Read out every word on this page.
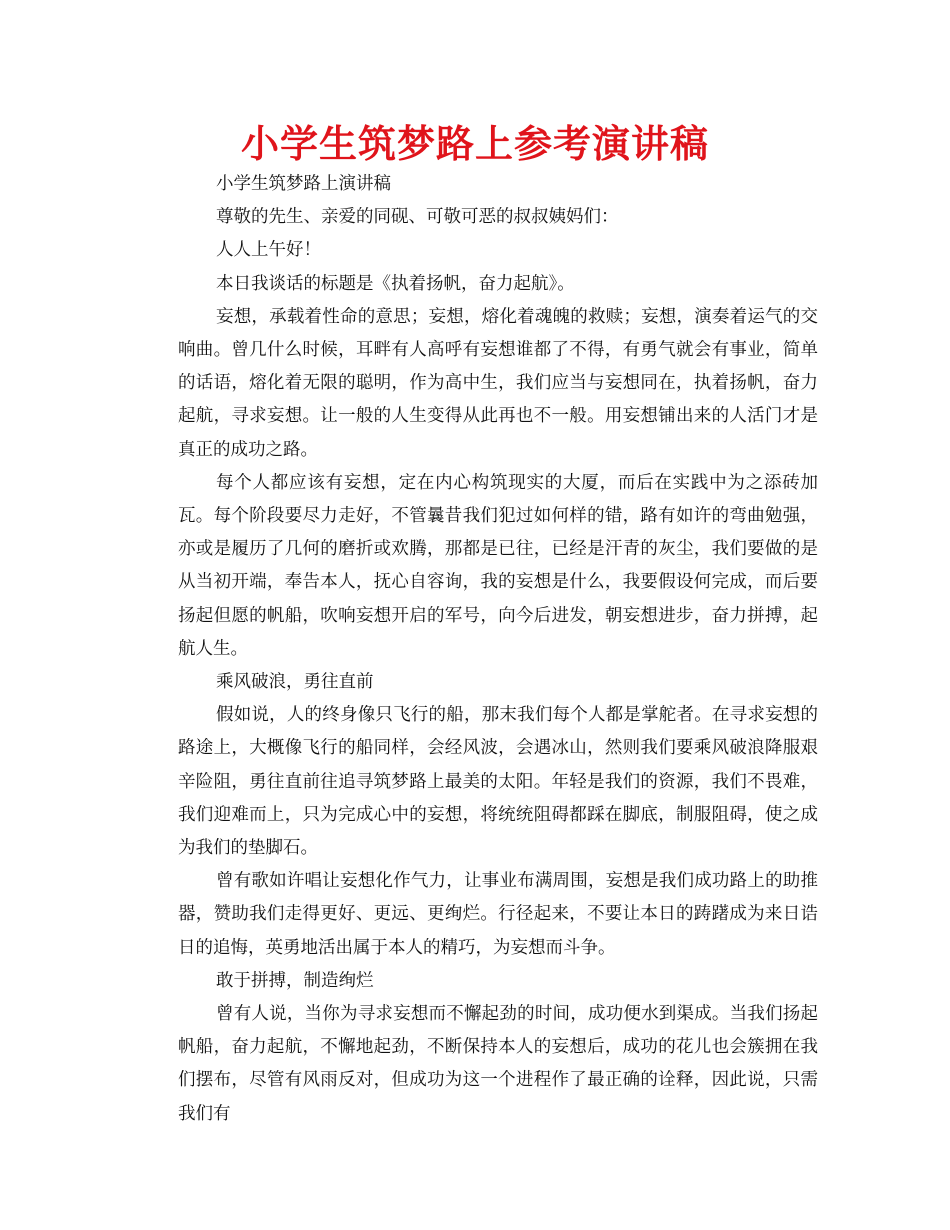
小学生筑梦路上参考演讲稿

小学生筑梦路上演讲稿

尊敬的先生、亲爱的同砚、可敬可恶的叔叔姨妈们：

人人上午好！

本日我谈话的标题是《执着扬帆，奋力起航》。

妄想，承载着性命的意思；妄想，熔化着魂魄的救赎；妄想，演奏着运气的交响曲。曾几什么时候，耳畔有人高呼有妄想谁都了不得，有勇气就会有事业，简单的话语，熔化着无限的聪明，作为高中生，我们应当与妄想同在，执着扬帆，奋力起航，寻求妄想。让一般的人生变得从此再也不一般。用妄想铺出来的人活门才是真正的成功之路。

每个人都应该有妄想，定在内心构筑现实的大厦，而后在实践中为之添砖加瓦。每个阶段要尽力走好，不管曩昔我们犯过如何样的错，路有如许的弯曲勉强，亦或是履历了几何的磨折或欢腾，那都是已往，已经是汗青的灰尘，我们要做的是从当初开端，奉告本人，抚心自容询，我的妄想是什么，我要假设何完成，而后要扬起但愿的帆船，吹响妄想开启的军号，向今后进发，朝妄想进步，奋力拼搏，起航人生。

乘风破浪，勇往直前

假如说，人的终身像只飞行的船，那末我们每个人都是掌舵者。在寻求妄想的路途上，大概像飞行的船同样，会经风波，会遇冰山，然则我们要乘风破浪降服艰辛险阻，勇往直前往追寻筑梦路上最美的太阳。年轻是我们的资源，我们不畏难，我们迎难而上，只为完成心中的妄想，将统统阻碍都踩在脚底，制服阻碍，使之成为我们的垫脚石。

曾有歌如许唱让妄想化作气力，让事业布满周围，妄想是我们成功路上的助推器，赞助我们走得更好、更远、更绚烂。行径起来，不要让本日的踌躇成为来日诰日的追悔，英勇地活出属于本人的精巧，为妄想而斗争。

敢于拼搏，制造绚烂

曾有人说，当你为寻求妄想而不懈起劲的时间，成功便水到渠成。当我们扬起帆船，奋力起航，不懈地起劲，不断保持本人的妄想后，成功的花儿也会簇拥在我们摆布，尽管有风雨反对，但成功为这一个进程作了最正确的诠释，因此说，只需我们有
